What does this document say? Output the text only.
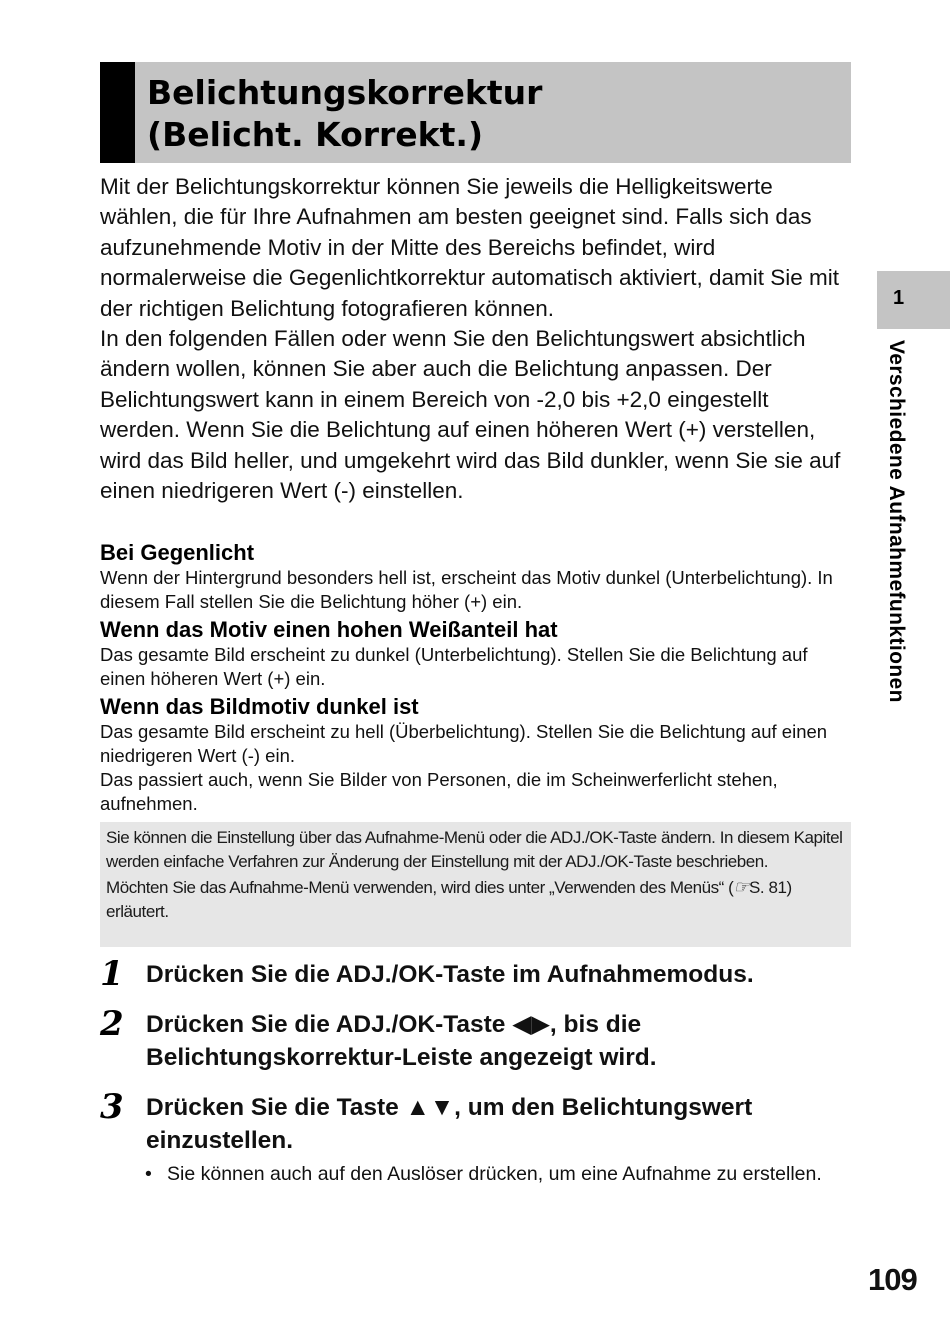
Belichtungskorrektur
(Belicht. Korrekt.)

Mit der Belichtungskorrektur können Sie jeweils die Helligkeitswerte wählen, die für Ihre Aufnahmen am besten geeignet sind. Falls sich das aufzunehmende Motiv in der Mitte des Bereichs befindet, wird normalerweise die Gegenlichtkorrektur automatisch aktiviert, damit Sie mit der richtigen Belichtung fotografieren können.

In den folgenden Fällen oder wenn Sie den Belichtungswert absichtlich ändern wollen, können Sie aber auch die Belichtung anpassen. Der Belichtungswert kann in einem Bereich von -2,0 bis +2,0 eingestellt werden. Wenn Sie die Belichtung auf einen höheren Wert (+) verstellen, wird das Bild heller, und umgekehrt wird das Bild dunkler, wenn Sie sie auf einen niedrigeren Wert (-) einstellen.

Bei Gegenlicht

Wenn der Hintergrund besonders hell ist, erscheint das Motiv dunkel (Unterbelichtung). In diesem Fall stellen Sie die Belichtung höher (+) ein.

Wenn das Motiv einen hohen Weißanteil hat

Das gesamte Bild erscheint zu dunkel (Unterbelichtung). Stellen Sie die Belichtung auf einen höheren Wert (+) ein.

Wenn das Bildmotiv dunkel ist

Das gesamte Bild erscheint zu hell (Überbelichtung). Stellen Sie die Belichtung auf einen niedrigeren Wert (-) ein.

Das passiert auch, wenn Sie Bilder von Personen, die im Scheinwerferlicht stehen, aufnehmen.

Sie können die Einstellung über das Aufnahme-Menü oder die ADJ./OK-Taste ändern. In diesem Kapitel werden einfache Verfahren zur Änderung der Einstellung mit der ADJ./OK-Taste beschrieben.

Möchten Sie das Aufnahme-Menü verwenden, wird dies unter „Verwenden des Menüs“ (☞S. 81) erläutert.

1 Drücken Sie die ADJ./OK-Taste im Aufnahmemodus.
2 Drücken Sie die ADJ./OK-Taste ◀▶, bis die Belichtungskorrektur-Leiste angezeigt wird.
3 Drücken Sie die Taste ▲▼, um den Belichtungswert einzustellen.
• Sie können auch auf den Auslöser drücken, um eine Aufnahme zu erstellen.
1
Verschiedene Aufnahmefunktionen
109
